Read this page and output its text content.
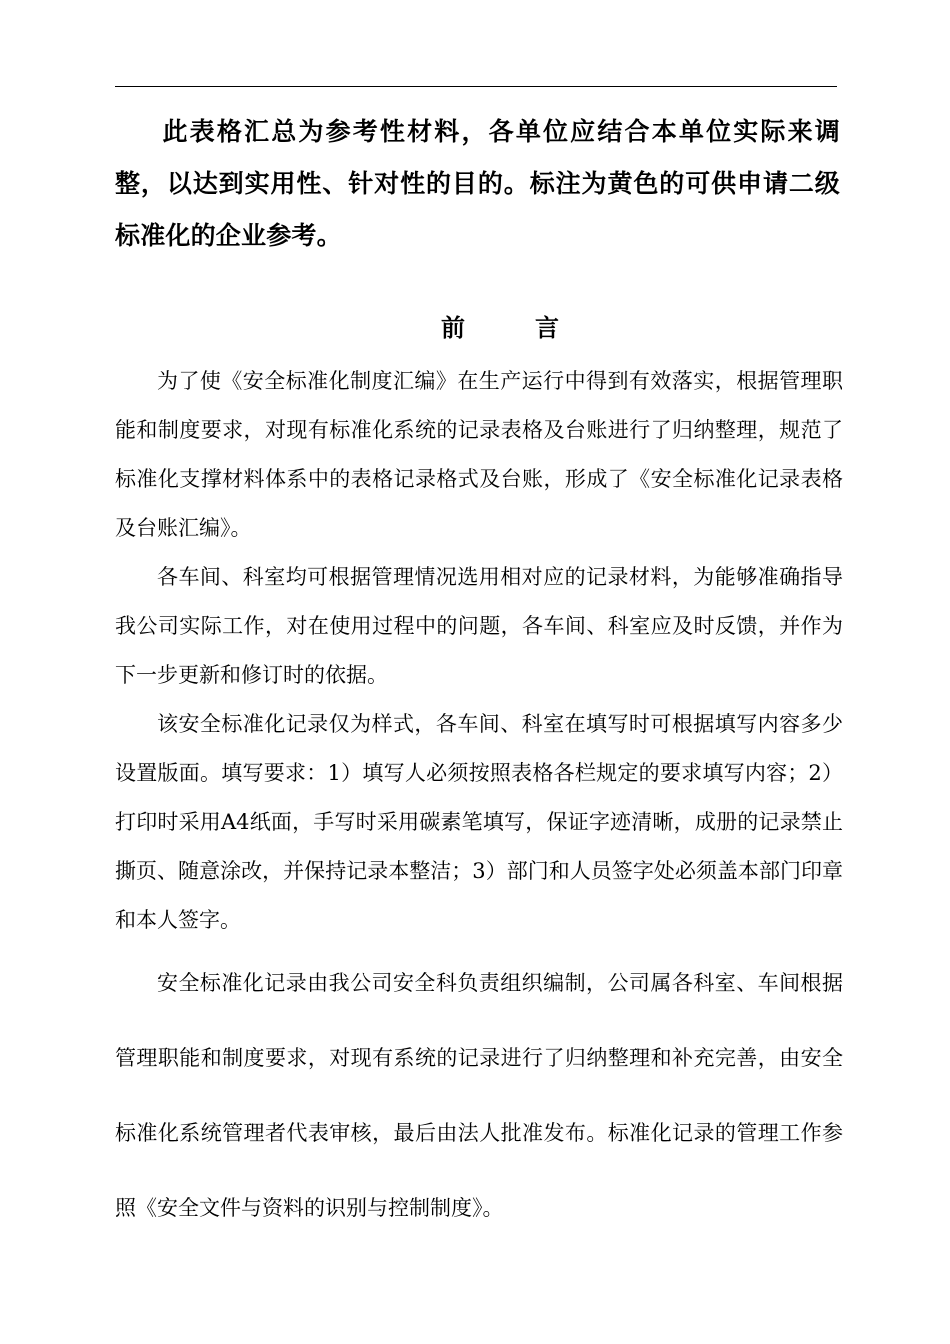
此表格汇总为参考性材料，各单位应结合本单位实际来调整，以达到实用性、针对性的目的。标注为黄色的可供申请二级标准化的企业参考。
前	言
为了使《安全标准化制度汇编》在生产运行中得到有效落实，根据管理职能和制度要求，对现有标准化系统的记录表格及台账进行了归纳整理，规范了标准化支撑材料体系中的表格记录格式及台账，形成了《安全标准化记录表格及台账汇编》。
各车间、科室均可根据管理情况选用相对应的记录材料，为能够准确指导我公司实际工作，对在使用过程中的问题，各车间、科室应及时反馈，并作为下一步更新和修订时的依据。
该安全标准化记录仅为样式，各车间、科室在填写时可根据填写内容多少设置版面。填写要求：1）填写人必须按照表格各栏规定的要求填写内容；2）打印时采用A4纸面，手写时采用碳素笔填写，保证字迹清晰，成册的记录禁止撕页、随意涂改，并保持记录本整洁；3）部门和人员签字处必须盖本部门印章和本人签字。
安全标准化记录由我公司安全科负责组织编制，公司属各科室、车间根据管理职能和制度要求，对现有系统的记录进行了归纳整理和补充完善，由安全标准化系统管理者代表审核，最后由法人批准发布。标准化记录的管理工作参照《安全文件与资料的识别与控制制度》。
